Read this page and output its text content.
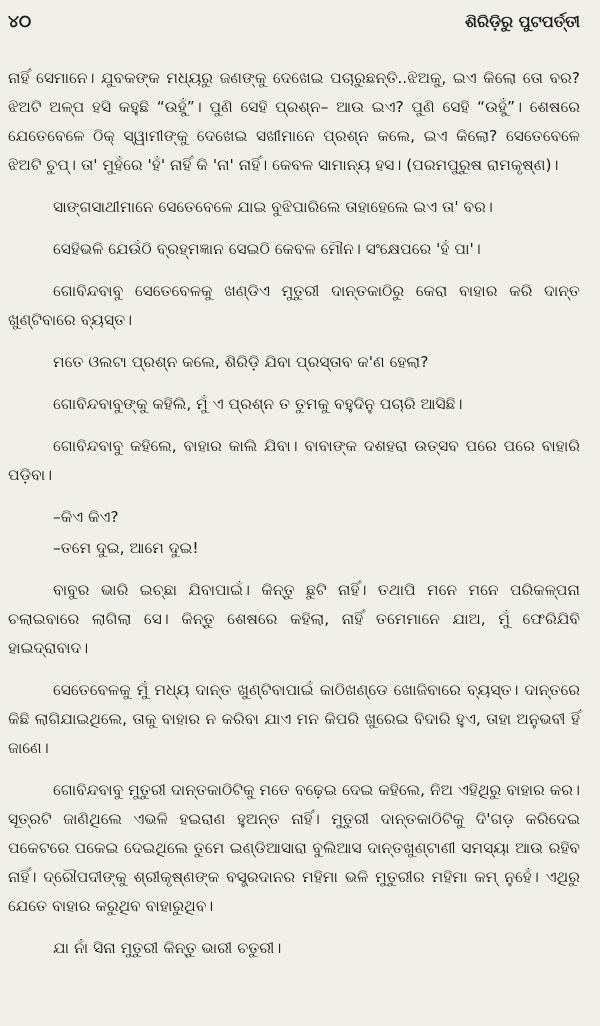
୪୦	ଶିରିଡ଼ିରୁ ପୁଟପର୍ତ୍ତୀ

ନାହିଁ ସେମାନେ। ଯୁବକଙ୍କ ମଧ୍ୟରୁ ଜଣଙ୍କୁ ଦେଖେଇ ପଚାରୁଛନ୍ତି..ଝିଅକୁ, ଇଏ କିଲୋ ତୋ ବର? ଝିଅଟି ଅଳ୍ପ ହସି କହୁଛି “ଉହୁଁ”। ପୁଣି ସେହି ପ୍ରଶ୍ନ– ଆଉ ଇଏ? ପୁଣି ସେହି “ଉହୁଁ”। ଶେଷରେ ଯେତେବେଳେ ଠିକ୍ ସ୍ୱାମୀଙ୍କୁ ଦେଖେଇ ସଖୀମାନେ ପ୍ରଶ୍ନ କଲେ, ଇଏ କିଲୋ? ସେତେବେଳେ ଝିଅଟି ଚୁପ୍। ତା' ମୁହଁରେ 'ହଁ' ନାହିଁ କି 'ନା' ନାହିଁ। କେବଳ ସାମାନ୍ୟ ହସ। (ପରମପୁରୁଷ ରାମକୃଷ୍ଣ)।

ସାଙ୍ଗସାଥୀମାନେ ସେତେବେଳେ ଯାଇ ବୁଝିପାରିଲେ ତାହାହେଲେ ଇଏ ତା' ବର।

ସେହିଭଳି ଯେଉଁଠି ବ୍ରହ୍ମଜ୍ଞାନ ସେଇଠି କେବଳ ମୌନ। ସଂକ୍ଷେପରେ 'ହଁ ପା'।

ଗୋବିନ୍ଦବାବୁ ସେତେବେଳକୁ ଖଣ୍ଡିଏ ମୁତୁରୀ ଦାନ୍ତକାଠିରୁ କେରା ବାହାର କରି ଦାନ୍ତ ଖୁଣ୍ଟିବାରେ ବ୍ୟସ୍ତ।

ମତେ ଓଲଟା ପ୍ରଶ୍ନ କଲେ, ଶିରିଡ଼ି ଯିବା ପ୍ରସ୍ତାବ କ'ଣ ହେଲା?

ଗୋବିନ୍ଦବାବୁଙ୍କୁ କହିଲି, ମୁଁ ଏ ପ୍ରଶ୍ନ ତ ତୁମକୁ ବହୁଦିନୁ ପଚାରି ଆସିଛି।

ଗୋବିନ୍ଦବାବୁ କହିଲେ, ବାହାର କାଲି ଯିବା। ବାବାଙ୍କ ଦଶହରା ଉତ୍ସବ ପରେ ପରେ ବାହାରି ପଡ଼ିବା।

–କିଏ କିଏ?

–ତମେ ଦୁଇ, ଆମେ ଦୁଇ!

ବାବୁର ଭାରି ଇଚ୍ଛା ଯିବାପାଇଁ। କିନ୍ତୁ ଛୁଟି ନାହିଁ। ତଥାପି ମନେ ମନେ ପରିକଳ୍ପନା ଚଲାଇବାରେ ଲାଗିଲା ସେ। କିନ୍ତୁ ଶେଷରେ କହିଲା, ନାହିଁ ତମେମାନେ ଯାଅ, ମୁଁ ଫେରିଯିବି ହାଇଦ୍ରାବାଦ।

ସେତେବେଳକୁ ମୁଁ ମଧ୍ୟ ଦାନ୍ତ ଖୁଣ୍ଟିବାପାଇଁ କାଠିଖଣ୍ଡେ ଖୋଜିବାରେ ବ୍ୟସ୍ତ। ଦାନ୍ତରେ କିଛି ଲାଗିଯାଇଥିଲେ, ତାକୁ ବାହାର ନ କରିବା ଯାଏ ମନ କିପରି ଖୁରେଇ ବିଦାରି ହୁଏ, ତାହା ଅନୁଭବୀ ହିଁ ଜାଣେ।

ଗୋବିନ୍ଦବାବୁ ମୁତୁରୀ ଦାନ୍ତକାଠିଟିକୁ ମତେ ବଢ଼େଇ ଦେଇ କହିଲେ, ନିଅ ଏହିଥିରୁ ବାହାର କର। ସୂତ୍ରଟି ଜାଣିଥିଲେ ଏଭଳି ହଇରାଣ ହୁଅନ୍ତ ନାହିଁ। ମୁତୁରୀ ଦାନ୍ତକାଠିଟିକୁ ଦି'ଗଡ଼ କରିଦେଇ ପକେଟରେ ପକେଇ ଦେଇଥିଲେ ତୁମେ ଇଣ୍ଡିଆସାରା ବୁଲିଆସ ଦାନ୍ତଖୁଣ୍ଟାଣୀ ସମସ୍ୟା ଆଉ ରହିବ ନାହିଁ। ଦ୍ରୌପଦୀଙ୍କୁ ଶ୍ରୀକୃଷ୍ଣଙ୍କ ବସ୍ତ୍ରଦାନର ମହିମା ଭଳି ମୁତୁରୀର ମହିମା କମ୍ ନୁହେଁ। ଏଥିରୁ ଯେତେ ବାହାର କରୁଥିବ ବାହାରୁଥିବ।

ଯା ନାଁ ସିନା ମୁତୁରୀ କିନ୍ତୁ ଭାରୀ ଚତୁରୀ।
